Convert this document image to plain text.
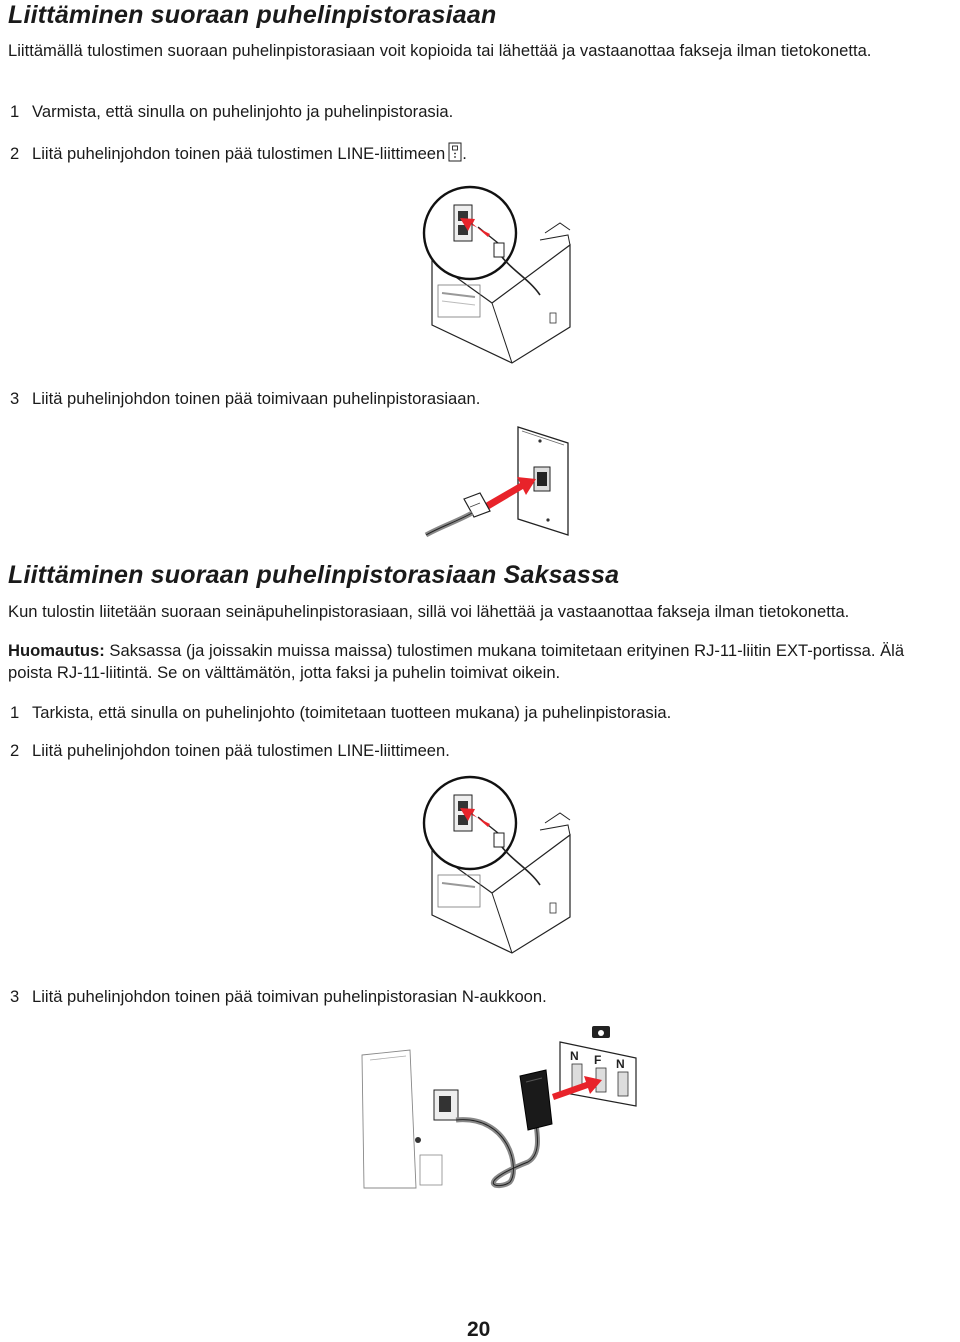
Liittäminen suoraan puhelinpistorasiaan

Liittämällä tulostimen suoraan puhelinpistorasiaan voit kopioida tai lähettää ja vastaanottaa fakseja ilman tietokonetta.

1 Varmista, että sinulla on puhelinjohto ja puhelinpistorasia.
2 Liitä puhelinjohdon toinen pää tulostimen LINE-liittimeen .
3 Liitä puhelinjohdon toinen pää toimivaan puhelinpistorasiaan.
Liittäminen suoraan puhelinpistorasiaan Saksassa

Kun tulostin liitetään suoraan seinäpuhelinpistorasiaan, sillä voi lähettää ja vastaanottaa fakseja ilman tietokonetta.

Huomautus: Saksassa (ja joissakin muissa maissa) tulostimen mukana toimitetaan erityinen RJ-11-liitin EXT-portissa. Älä poista RJ-11-liitintä. Se on välttämätön, jotta faksi ja puhelin toimivat oikein.

1 Tarkista, että sinulla on puhelinjohto (toimitetaan tuotteen mukana) ja puhelinpistorasia.
2 Liitä puhelinjohdon toinen pää tulostimen LINE-liittimeen.
3 Liitä puhelinjohdon toinen pää toimivan puhelinpistorasian N-aukkoon.
N F N
20
